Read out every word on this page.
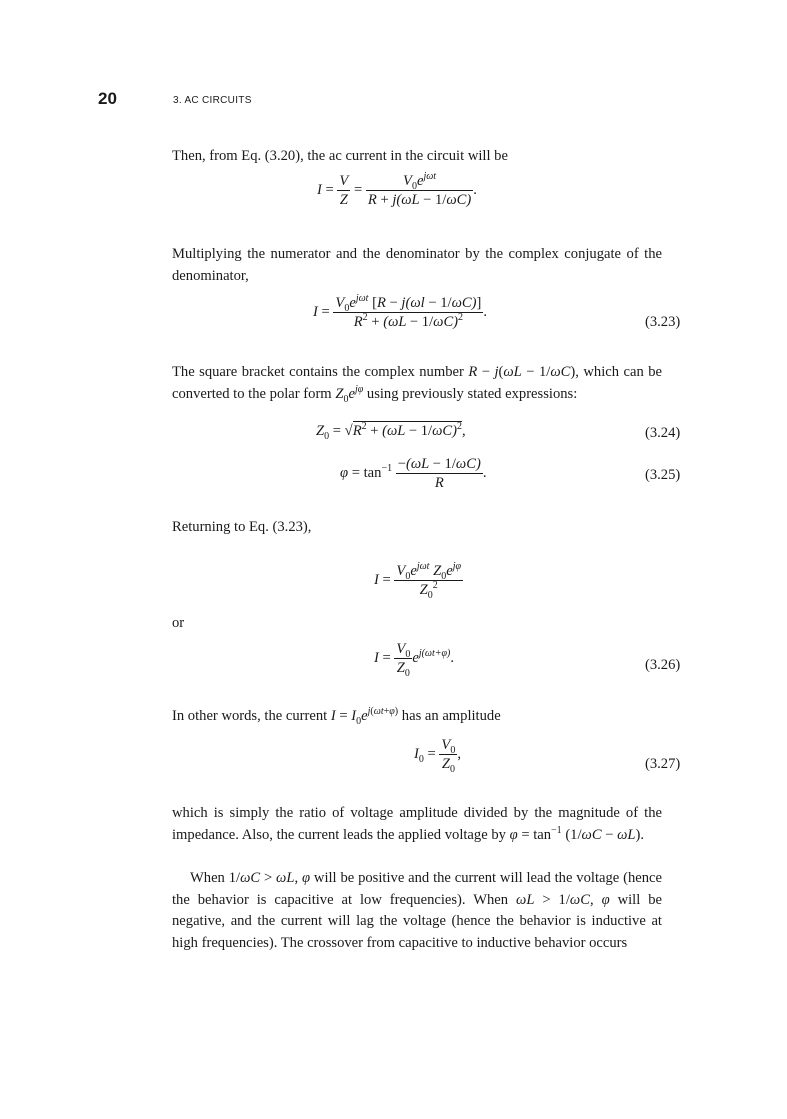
20	3. AC CIRCUITS
Then, from Eq. (3.20), the ac current in the circuit will be
$I = \frac{V}{Z} = \frac{V_0e^{j\omega t}}{R + j(\omega L - 1/\omega C)}$ .
Multiplying the numerator and the denominator by the complex conjugate of the denominator,
$I = \frac{V_0e^{j\omega t} [R - j(\omega l - 1/\omega C)]}{R^2 + (\omega L - 1/\omega C)^2}$ .
(3.23)
The square bracket contains the complex number R − j(ωL − 1/ωC), which can be converted to the polar form $Z_0e^{j\varphi}$ using previously stated expressions:
$Z_0 = √R^2 + (\omega L - 1/\omega C)^2$,	(3.24)
$\varphi = \tan^{-1} \frac{-(\omega L - 1/\omega C)}{R}$ .	(3.25)
Returning to Eq. (3.23),
$I = \frac{V_0e^{j\omega t} Z_0e^{j\varphi}}{Z_0^2}$
or
$I = \frac{V_0}{Z_0} e^{j(\omega t+\varphi)}$.	(3.26)
In other words, the current $I = I_0e^{j(\omega t+\varphi)}$ has an amplitude
$I_0 = \frac{V_0}{Z_0}$ ,
(3.27)
which is simply the ratio of voltage amplitude divided by the magnitude of the impedance. Also, the current leads the applied voltage by $\varphi = \tan^{-1} (1/\omega C - \omega L)$.
When 1/ωC > ωL, φ will be positive and the current will lead the voltage (hence the behavior is capacitive at low frequencies). When ωL > 1/ωC, φ will be negative, and the current will lag the voltage (hence the behavior is inductive at high frequencies). The crossover from capacitive to inductive behavior occurs
